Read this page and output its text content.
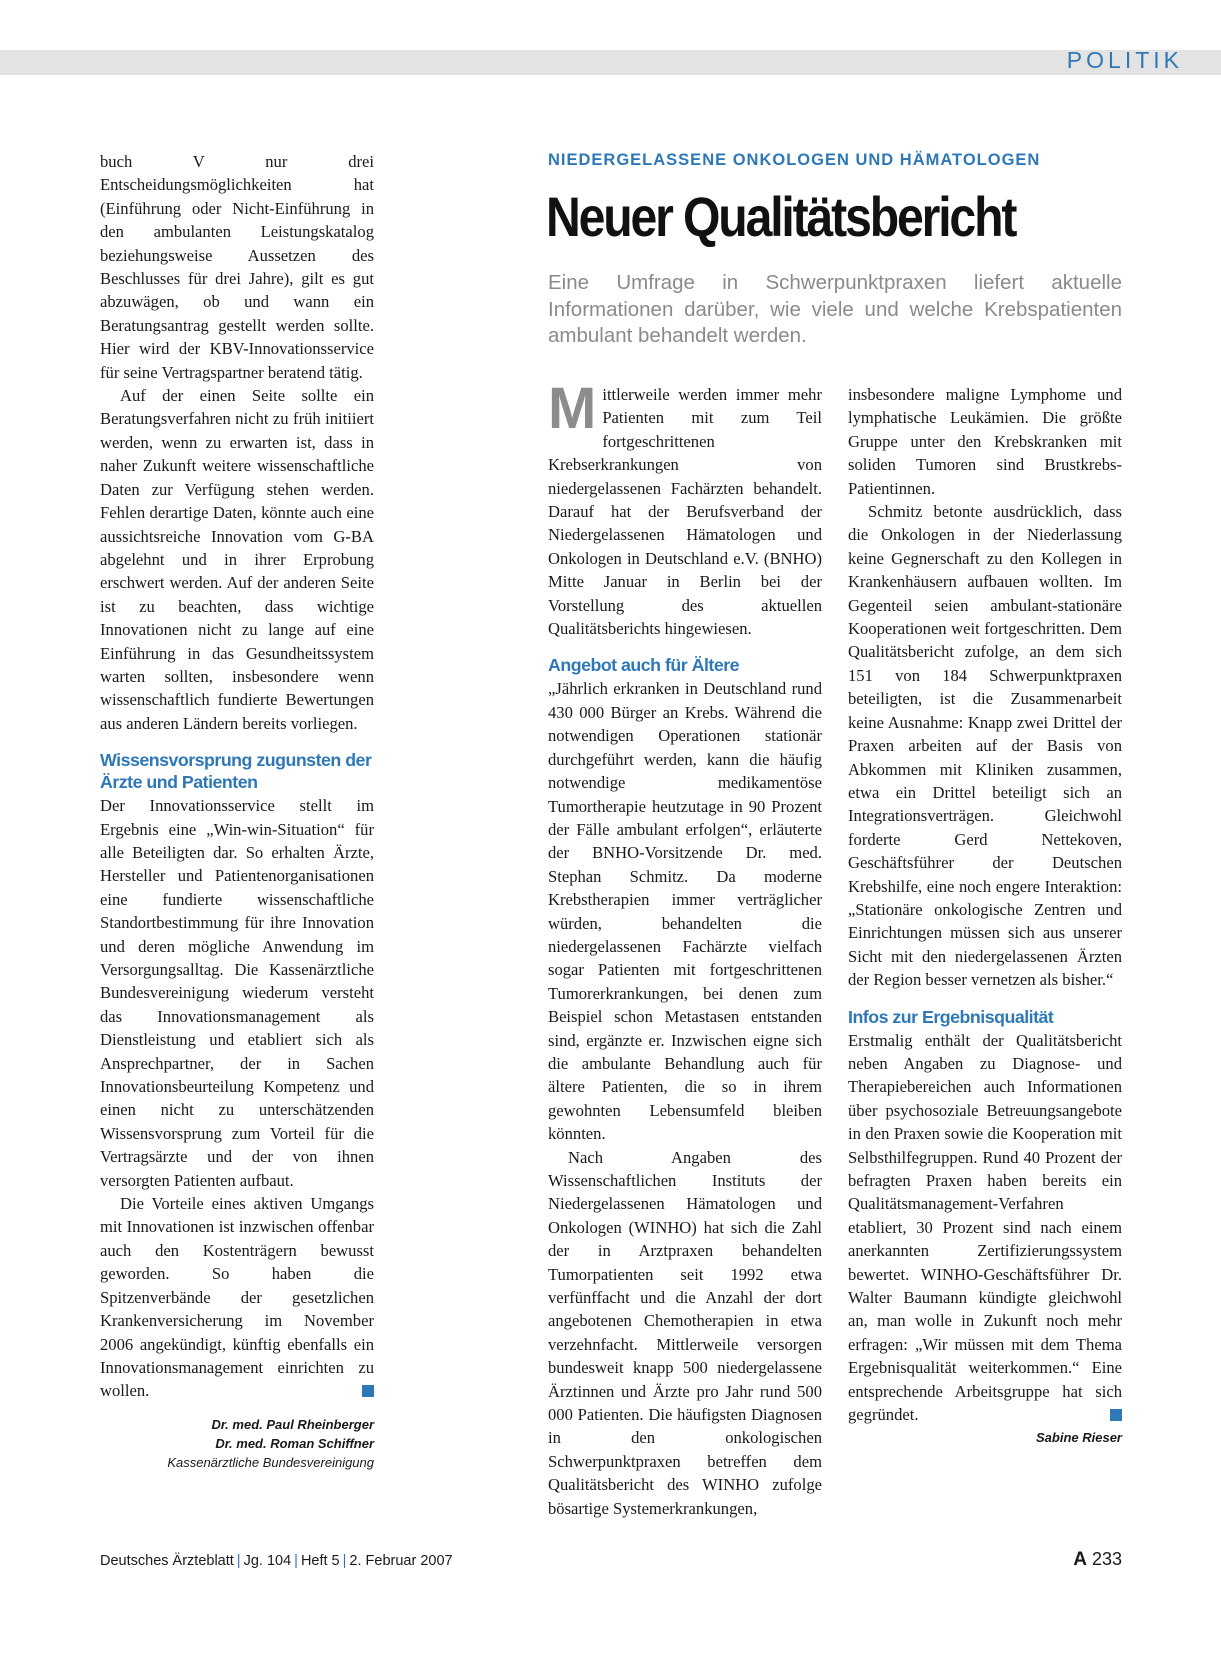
POLITIK

buch V nur drei Entscheidungsmöglichkeiten hat (Einführung oder Nicht-Einführung in den ambulanten Leistungskatalog beziehungsweise Aussetzen des Beschlusses für drei Jahre), gilt es gut abzuwägen, ob und wann ein Beratungsantrag gestellt werden sollte. Hier wird der KBV-Innovationsservice für seine Vertragspartner beratend tätig.

Auf der einen Seite sollte ein Beratungsverfahren nicht zu früh initiiert werden, wenn zu erwarten ist, dass in naher Zukunft weitere wissenschaftliche Daten zur Verfügung stehen werden. Fehlen derartige Daten, könnte auch eine aussichtsreiche Innovation vom G-BA abgelehnt und in ihrer Erprobung erschwert werden. Auf der anderen Seite ist zu beachten, dass wichtige Innovationen nicht zu lange auf eine Einführung in das Gesundheitssystem warten sollten, insbesondere wenn wissenschaftlich fundierte Bewertungen aus anderen Ländern bereits vorliegen.

Wissensvorsprung zugunsten der Ärzte und Patienten

Der Innovationsservice stellt im Ergebnis eine „Win-win-Situation“ für alle Beteiligten dar. So erhalten Ärzte, Hersteller und Patientenorganisationen eine fundierte wissenschaftliche Standortbestimmung für ihre Innovation und deren mögliche Anwendung im Versorgungsalltag. Die Kassenärztliche Bundesvereinigung wiederum versteht das Innovationsmanagement als Dienstleistung und etabliert sich als Ansprechpartner, der in Sachen Innovationsbeurteilung Kompetenz und einen nicht zu unterschätzenden Wissensvorsprung zum Vorteil für die Vertragsärzte und der von ihnen versorgten Patienten aufbaut.

Die Vorteile eines aktiven Umgangs mit Innovationen ist inzwischen offenbar auch den Kostenträgern bewusst geworden. So haben die Spitzenverbände der gesetzlichen Krankenversicherung im November 2006 angekündigt, künftig ebenfalls ein Innovationsmanagement einrichten zu wollen.

Dr. med. Paul Rheinberger
Dr. med. Roman Schiffner
Kassenärztliche Bundesvereinigung
NIEDERGELASSENE ONKOLOGEN UND HÄMATOLOGEN
Neuer Qualitätsbericht
Eine Umfrage in Schwerpunktpraxen liefert aktuelle Informationen darüber, wie viele und welche Krebspatienten ambulant behandelt werden.

Mittlerweile werden immer mehr Patienten mit zum Teil fortgeschrittenen Krebserkrankungen von niedergelassenen Fachärzten behandelt. Darauf hat der Berufsverband der Niedergelassenen Hämatologen und Onkologen in Deutschland e.V. (BNHO) Mitte Januar in Berlin bei der Vorstellung des aktuellen Qualitätsberichts hingewiesen.

Angebot auch für Ältere

„Jährlich erkranken in Deutschland rund 430 000 Bürger an Krebs. Während die notwendigen Operationen stationär durchgeführt werden, kann die häufig notwendige medikamentöse Tumortherapie heutzutage in 90 Prozent der Fälle ambulant erfolgen“, erläuterte der BNHO-Vorsitzende Dr. med. Stephan Schmitz. Da moderne Krebstherapien immer verträglicher würden, behandelten die niedergelassenen Fachärzte vielfach sogar Patienten mit fortgeschrittenen Tumorerkrankungen, bei denen zum Beispiel schon Metastasen entstanden sind, ergänzte er. Inzwischen eigne sich die ambulante Behandlung auch für ältere Patienten, die so in ihrem gewohnten Lebensumfeld bleiben könnten.

Nach Angaben des Wissenschaftlichen Instituts der Niedergelassenen Hämatologen und Onkologen (WINHO) hat sich die Zahl der in Arztpraxen behandelten Tumorpatienten seit 1992 etwa verfünffacht und die Anzahl der dort angebotenen Chemotherapien in etwa verzehnfacht. Mittlerweile versorgen bundesweit knapp 500 niedergelassene Ärztinnen und Ärzte pro Jahr rund 500 000 Patienten. Die häufigsten Diagnosen in den onkologischen Schwerpunktpraxen betreffen dem Qualitätsbericht des WINHO zufolge bösartige Systemerkrankungen,

insbesondere maligne Lymphome und lymphatische Leukämien. Die größte Gruppe unter den Krebskranken mit soliden Tumoren sind Brustkrebs-Patientinnen.

Schmitz betonte ausdrücklich, dass die Onkologen in der Niederlassung keine Gegnerschaft zu den Kollegen in Krankenhäusern aufbauen wollten. Im Gegenteil seien ambulant-stationäre Kooperationen weit fortgeschritten. Dem Qualitätsbericht zufolge, an dem sich 151 von 184 Schwerpunktpraxen beteiligten, ist die Zusammenarbeit keine Ausnahme: Knapp zwei Drittel der Praxen arbeiten auf der Basis von Abkommen mit Kliniken zusammen, etwa ein Drittel beteiligt sich an Integrationsverträgen. Gleichwohl forderte Gerd Nettekoven, Geschäftsführer der Deutschen Krebshilfe, eine noch engere Interaktion: „Stationäre onkologische Zentren und Einrichtungen müssen sich aus unserer Sicht mit den niedergelassenen Ärzten der Region besser vernetzen als bisher.“

Infos zur Ergebnisqualität

Erstmalig enthält der Qualitätsbericht neben Angaben zu Diagnose- und Therapiebereichen auch Informationen über psychosoziale Betreuungsangebote in den Praxen sowie die Kooperation mit Selbsthilfegruppen. Rund 40 Prozent der befragten Praxen haben bereits ein Qualitätsmanagement-Verfahren etabliert, 30 Prozent sind nach einem anerkannten Zertifizierungssystem bewertet. WINHO-Geschäftsführer Dr. Walter Baumann kündigte gleichwohl an, man wolle in Zukunft noch mehr erfragen: „Wir müssen mit dem Thema Ergebnisqualität weiterkommen.“ Eine entsprechende Arbeitsgruppe hat sich gegründet.

Sabine Rieser
Deutsches Ärzteblatt | Jg. 104 | Heft 5 | 2. Februar 2007	A 233
